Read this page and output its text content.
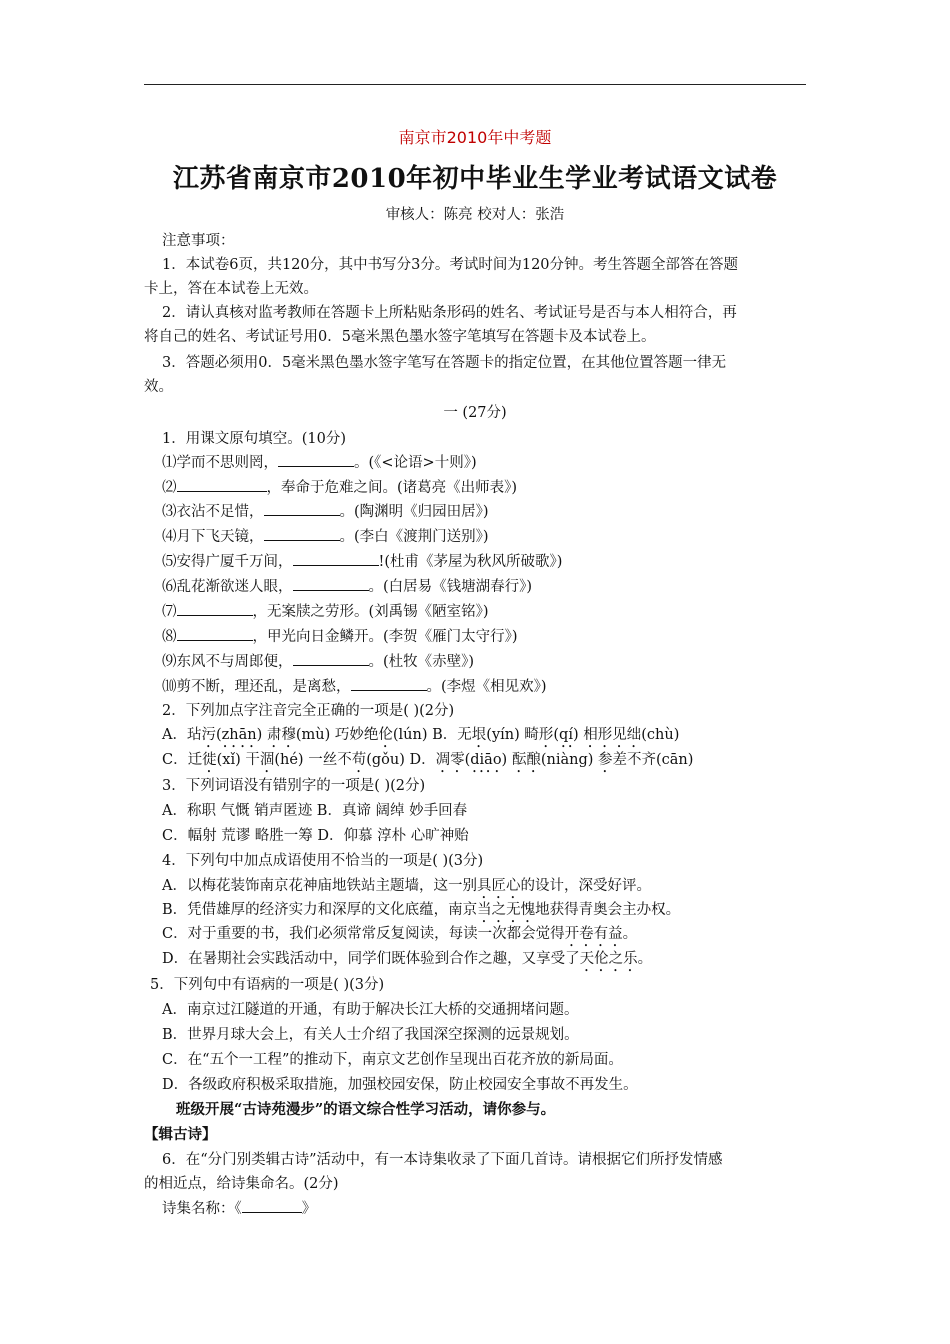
南京市2010年中考题
江苏省南京市2010年初中毕业生学业考试语文试卷
审核人：陈亮 校对人：张浩
注意事项：
1．本试卷6页，共120分，其中书写分3分。考试时间为120分钟。考生答题全部答在答题
卡上，答在本试卷上无效。
2．请认真核对监考教师在答题卡上所粘贴条形码的姓名、考试证号是否与本人相符合，再
将自己的姓名、考试证号用0．5毫米黑色墨水签字笔填写在答题卡及本试卷上。
3．答题必须用0．5毫米黑色墨水签字笔写在答题卡的指定位置，在其他位置答题一律无
效。
一 (27分)
1．用课文原句填空。(10分)
⑴学而不思则罔，	。(《<论语>十则》)
⑵	，奉命于危难之间。(诸葛亮《出师表》)
⑶衣沾不足惜，	。(陶渊明《归园田居》)
⑷月下飞天镜，	。(李白《渡荆门送别》)
⑸安得广厦千万间，	!(杜甫《茅屋为秋风所破歌》)
⑹乱花渐欲迷人眼，	。(白居易《钱塘湖春行》)
⑺	，无案牍之劳形。(刘禹锡《陋室铭》)
⑻	，甲光向日金鳞开。(李贺《雁门太守行》)
⑼东风不与周郎便，	。(杜牧《赤壁》)
⑽剪不断，理还乱，是离愁，	。(李煜《相见欢》)
2．下列加点字注音完全正确的一项是( )(2分)
A．玷污(zhān) 肃穆(mù) 巧妙绝伦(lún) B．无垠(yín) 畸形(qí) 相形见绌(chù)
C．迁徙(xǐ) 干涸(hé) 一丝不苟(gǒu) D．凋零(diāo) 酝酿(niàng) 参差不齐(cān)
3．下列词语没有错别字的一项是( )(2分)
A．称职 气慨 销声匿迹 B．真谛 阔绰 妙手回春
C．幅射 荒谬 略胜一筹 D．仰慕 淳朴 心旷神贻
4．下列句中加点成语使用不恰当的一项是( )(3分)
A．以梅花装饰南京花神庙地铁站主题墙，这一别具匠心的设计，深受好评。
B．凭借雄厚的经济实力和深厚的文化底蕴，南京当之无愧地获得青奥会主办权。
C．对于重要的书，我们必须常常反复阅读，每读一次都会觉得开卷有益。
D．在暑期社会实践活动中，同学们既体验到合作之趣，又享受了天伦之乐。
5．下列句中有语病的一项是( )(3分)
A．南京过江隧道的开通，有助于解决长江大桥的交通拥堵问题。
B．世界月球大会上，有关人士介绍了我国深空探测的远景规划。
C．在“五个一工程”的推动下，南京文艺创作呈现出百花齐放的新局面。
D．各级政府积极采取措施，加强校园安保，防止校园安全事故不再发生。
班级开展“古诗苑漫步”的语文综合性学习活动，请你参与。
【辑古诗】
6．在“分门别类辑古诗”活动中，有一本诗集收录了下面几首诗。请根据它们所抒发情感
的相近点，给诗集命名。(2分)
诗集名称：《	》
